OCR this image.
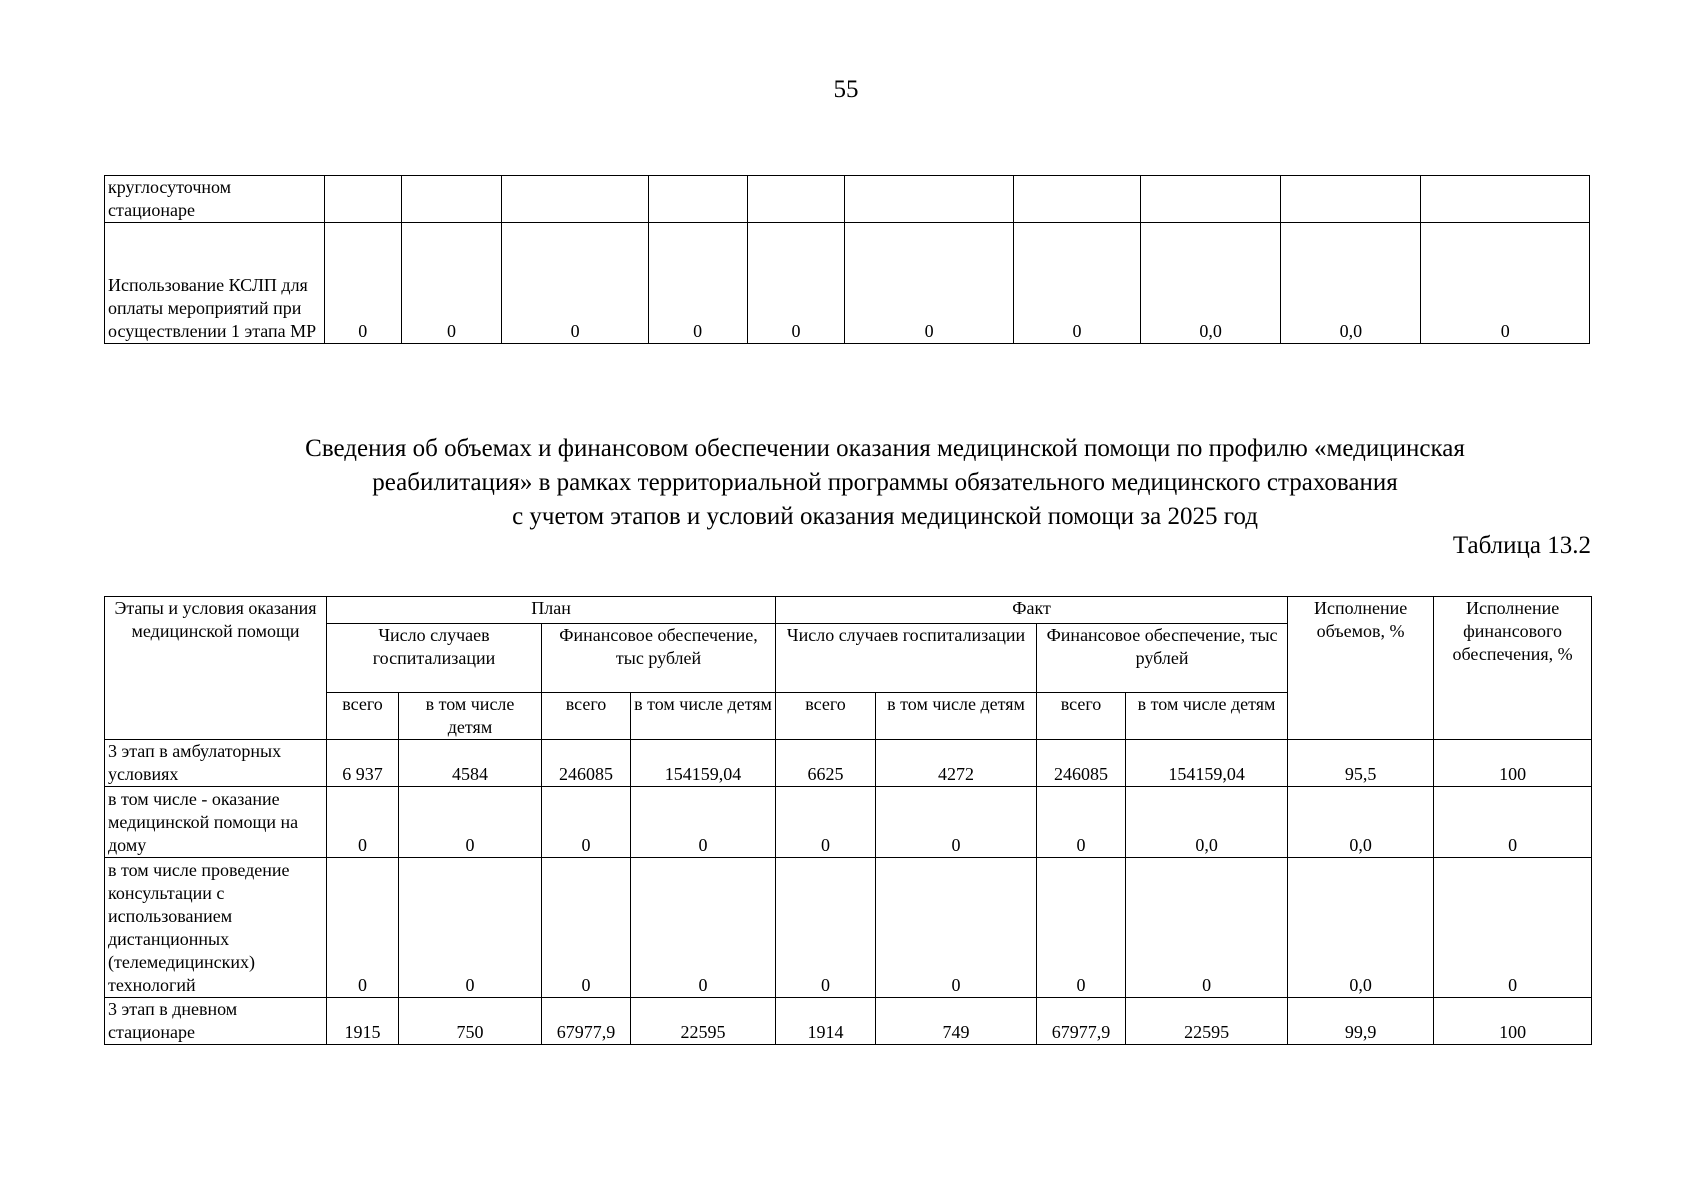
55
круглосуточном стационаре										
Использование КСЛП для оплаты мероприятий при осуществлении 1 этапа МР	0	0	0	0	0	0	0	0,0	0,0	0
Сведения об объемах и финансовом обеспечении оказания медицинской помощи по профилю «медицинская
реабилитация» в рамках территориальной программы обязательного медицинского страхования
с учетом этапов и условий оказания медицинской помощи за 2025 год
Таблица 13.2
Этапы и условия оказания медицинской помощи	План				Факт				Исполнение объемов, %	Исполнение финансового обеспечения, %
	Число случаев госпитализации		Финансовое обеспечение, тыс рублей		Число случаев госпитализации		Финансовое обеспечение, тыс рублей			
	всего	в том числе детям	всего	в том числе детям	всего	в том числе детям	всего	в том числе детям		
3 этап в амбулаторных условиях	6 937	4584	246085	154159,04	6625	4272	246085	154159,04	95,5	100
в том числе - оказание медицинской помощи на дому	0	0	0	0	0	0	0	0,0	0,0	0
в том числе проведение консультации с использованием дистанционных (телемедицинских) технологий	0	0	0	0	0	0	0	0	0,0	0
3 этап в дневном стационаре	1915	750	67977,9	22595	1914	749	67977,9	22595	99,9	100
